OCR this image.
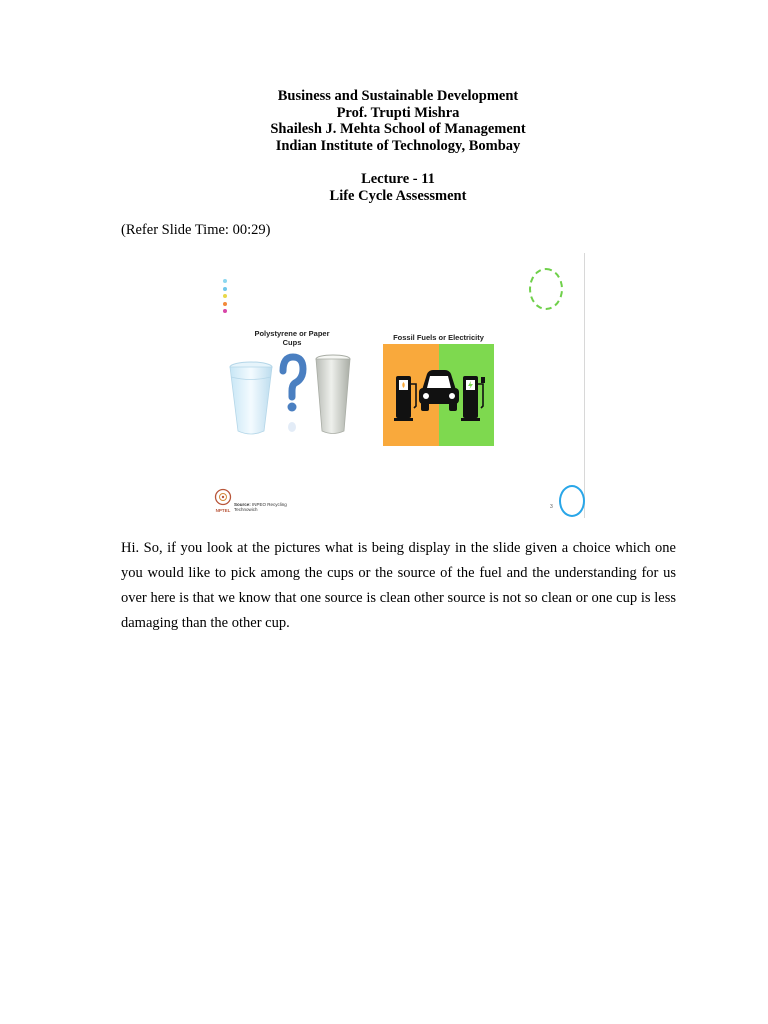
Business and Sustainable Development
Prof. Trupti Mishra
Shailesh J. Mehta School of Management
Indian Institute of Technology, Bombay
Lecture - 11
Life Cycle Assessment
(Refer Slide Time: 00:29)
Polystyrene or Paper Cups
Fossil Fuels or Electricity
NPTEL
Source: INPEO Recycling
Technowich	3

Hi. So, if you look at the pictures what is being display in the slide given a choice which one you would like to pick among the cups or the source of the fuel and the understanding for us over here is that we know that one source is clean other source is not so clean or one cup is less damaging than the other cup.
